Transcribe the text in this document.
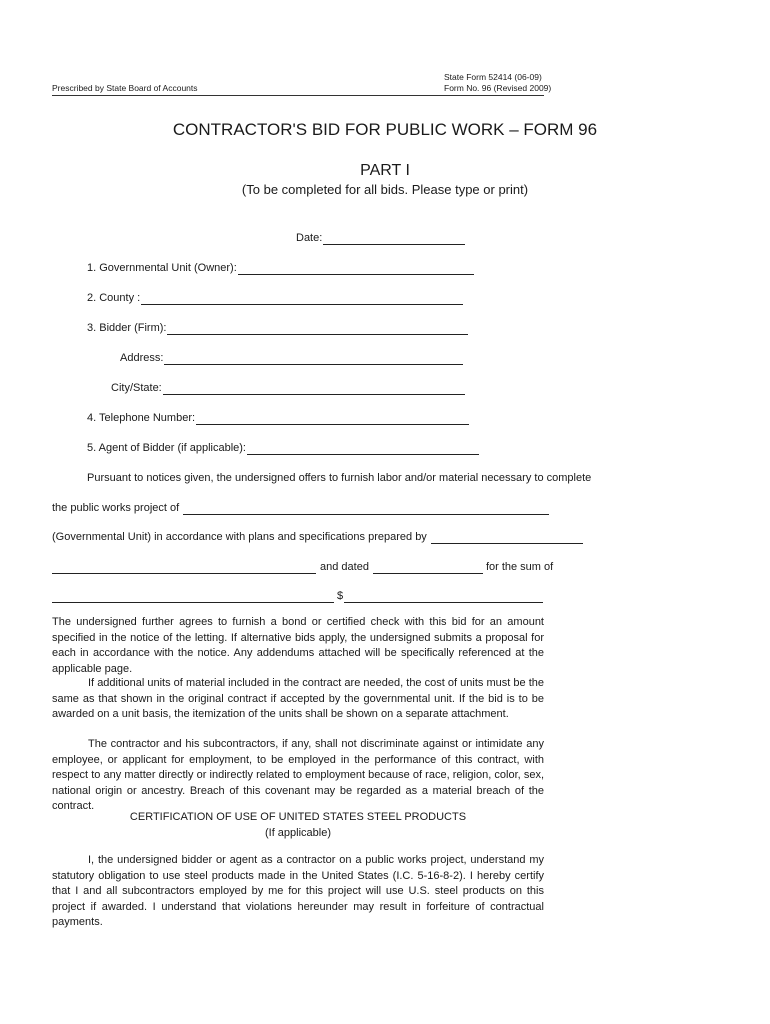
State Form 52414 (06-09)
Prescribed by State Board of Accounts	Form No. 96 (Revised 2009)
CONTRACTOR'S BID FOR PUBLIC WORK – FORM 96
PART I
(To be completed for all bids. Please type or print)
Date:
1. Governmental Unit (Owner):
2. County :
3. Bidder (Firm):
Address:
City/State:
4. Telephone Number:
5. Agent of Bidder (if applicable):
Pursuant to notices given, the undersigned offers to furnish labor and/or material necessary to complete
the public works project of
(Governmental Unit) in accordance with plans and specifications prepared by
and dated	for the sum of
$
The undersigned further agrees to furnish a bond or certified check with this bid for an amount specified in the notice of the letting. If alternative bids apply, the undersigned submits a proposal for each in accordance with the notice. Any addendums attached will be specifically referenced at the applicable page.
If additional units of material included in the contract are needed, the cost of units must be the same as that shown in the original contract if accepted by the governmental unit. If the bid is to be awarded on a unit basis, the itemization of the units shall be shown on a separate attachment.
The contractor and his subcontractors, if any, shall not discriminate against or intimidate any employee, or applicant for employment, to be employed in the performance of this contract, with respect to any matter directly or indirectly related to employment because of race, religion, color, sex, national origin or ancestry. Breach of this covenant may be regarded as a material breach of the contract.
CERTIFICATION OF USE OF UNITED STATES STEEL PRODUCTS
(If applicable)
I, the undersigned bidder or agent as a contractor on a public works project, understand my statutory obligation to use steel products made in the United States (I.C. 5-16-8-2). I hereby certify that I and all subcontractors employed by me for this project will use U.S. steel products on this project if awarded. I understand that violations hereunder may result in forfeiture of contractual payments.
